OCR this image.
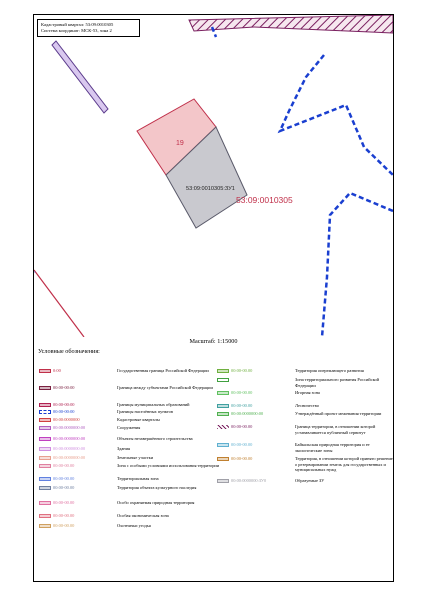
19
53:09:0010305:ЗУ1
53:09:0010305
›
Кадастровый квартал: 53:09:0010305
Система координат: МСК-53, зона 2
Масштаб: 1:15000
Условные обозначения:
0:00	Государственная граница Российской Федерации
00:00-00:00	Граница между субъектами Российской Федерации
00:00-00:00	Границы муниципальных образований
00:00-00:00	Границы населённых пунктов
00:00:0000000	Кадастровые кварталы
00:00:0000000:00	Сооружения
00:00:0000000:00	Объекты незавершённого строительства
00:00:0000000:00	Здания
00:00:0000000:00	Земельные участки
00:00-00.00	Зона с особыми условиями использования территории
00:00-00.00	Территориальная зона
00:00-00.00	Территория объекта культурного наследия
00:00-00.00	Особо охраняемая природная территория
00:00-00.00	Особая экономическая зона
00:00-00.00	Охотничьи угодья
00:00-00.00	Территория опережающего развития
Зона территориального развития Российской Федерации
00:00-00.00	Игорная зона
00:00-00.00	Лесничество
00:00:0000000:00	Утверждённый проект межевания территории
00:00-00.00	Граница территории, в отношении которой устанавливается публичный сервитут
00:00-00.00	Байкальская природная территория и ее экологические зоны
00:00-00.00	Территория, в отношении которой принято решение о резервировании земель для государственных и муниципальных нужд
00:00:0000000:ЗУ0	Образуемые ЗУ
